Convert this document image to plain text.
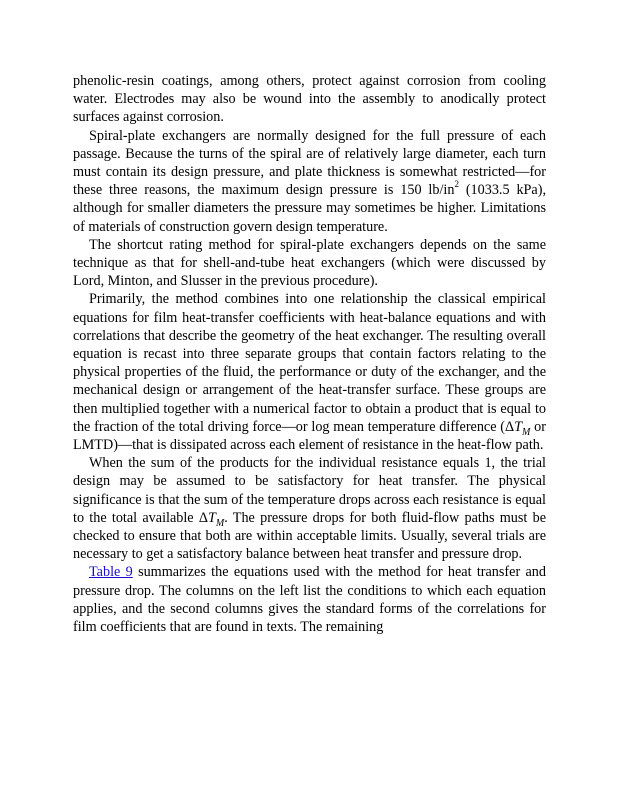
phenolic-resin coatings, among others, protect against corrosion from cooling water. Electrodes may also be wound into the assembly to anodically protect surfaces against corrosion.

Spiral-plate exchangers are normally designed for the full pressure of each passage. Because the turns of the spiral are of relatively large diameter, each turn must contain its design pressure, and plate thickness is somewhat restricted—for these three reasons, the maximum design pressure is 150 $lb/in^2$ (1033.5 kPa), although for smaller diameters the pressure may sometimes be higher. Limitations of materials of construction govern design temperature.

The shortcut rating method for spiral-plate exchangers depends on the same technique as that for shell-and-tube heat exchangers (which were discussed by Lord, Minton, and Slusser in the previous procedure).

Primarily, the method combines into one relationship the classical empirical equations for film heat-transfer coefficients with heat-balance equations and with correlations that describe the geometry of the heat exchanger. The resulting overall equation is recast into three separate groups that contain factors relating to the physical properties of the fluid, the performance or duty of the exchanger, and the mechanical design or arrangement of the heat-transfer surface. These groups are then multiplied together with a numerical factor to obtain a product that is equal to the fraction of the total driving force—or log mean temperature difference ($\Delta T_M$ or LMTD)—that is dissipated across each element of resistance in the heat-flow path.

When the sum of the products for the individual resistance equals 1, the trial design may be assumed to be satisfactory for heat transfer. The physical significance is that the sum of the temperature drops across each resistance is equal to the total available $\Delta T_M$. The pressure drops for both fluid-flow paths must be checked to ensure that both are within acceptable limits. Usually, several trials are necessary to get a satisfactory balance between heat transfer and pressure drop.

Table 9 summarizes the equations used with the method for heat transfer and pressure drop. The columns on the left list the conditions to which each equation applies, and the second columns gives the standard forms of the correlations for film coefficients that are found in texts. The remaining
